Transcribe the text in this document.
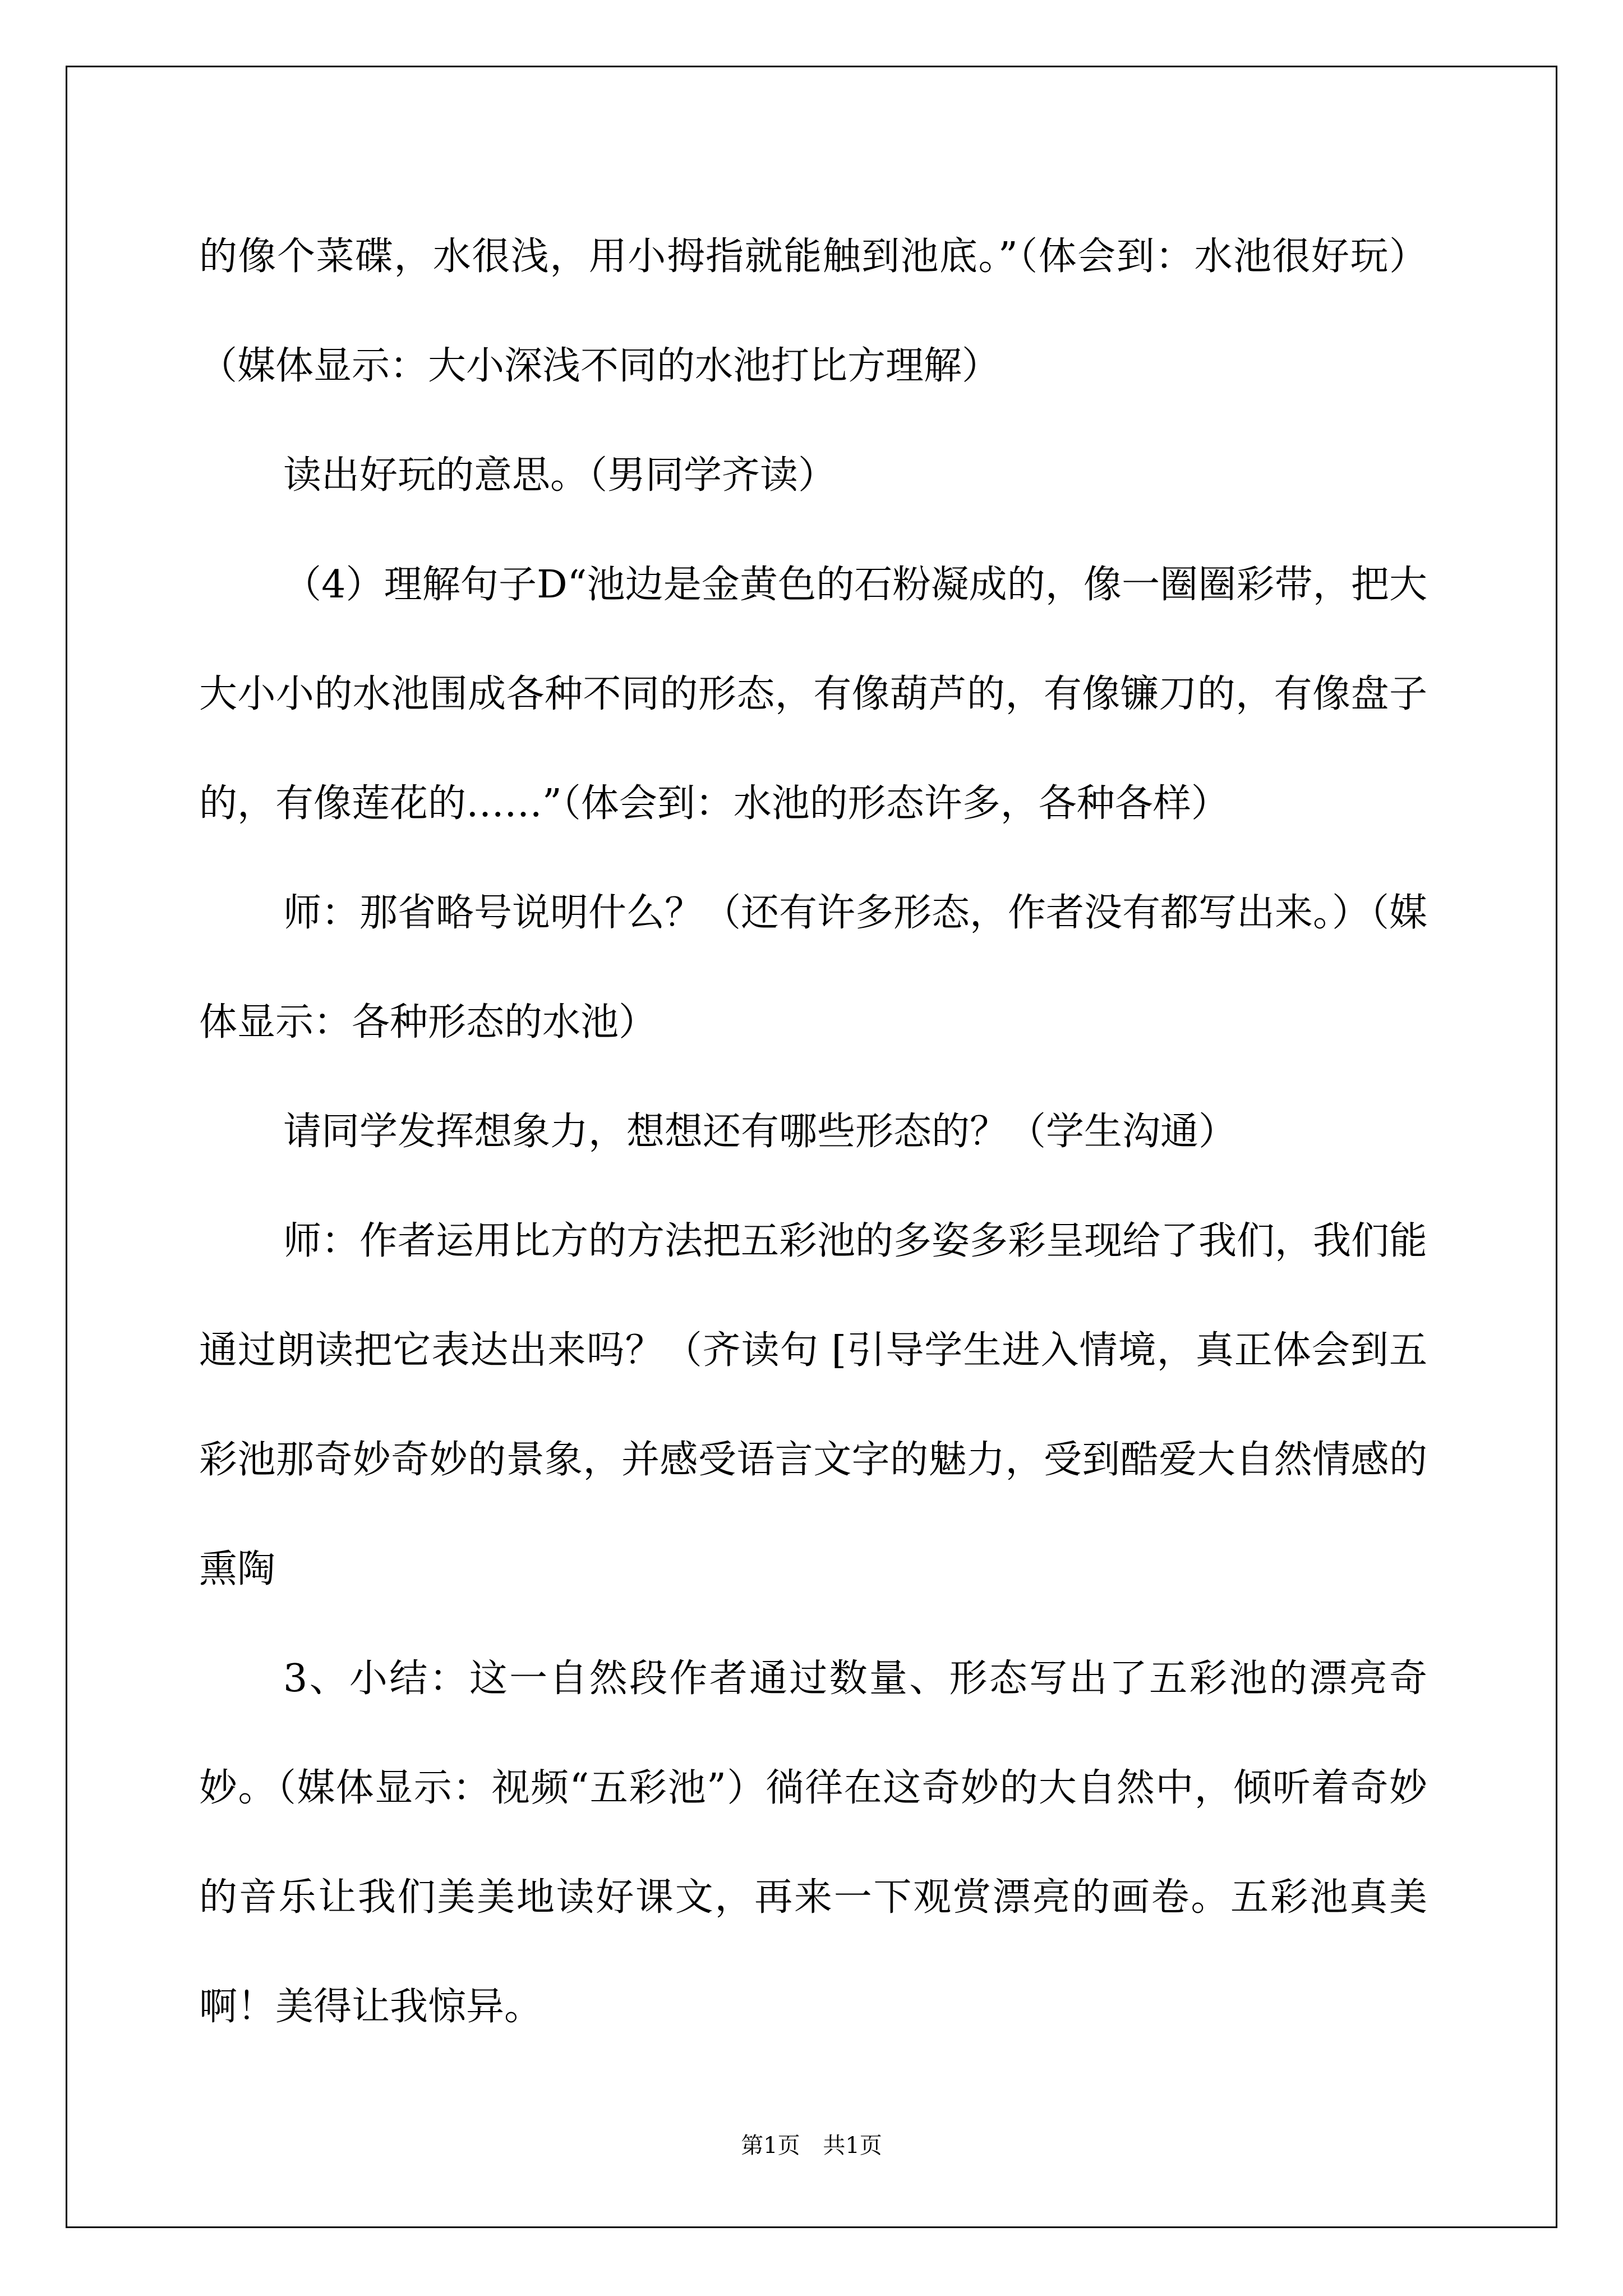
的像个菜碟，水很浅，用小拇指就能触到池底。”（体会到：水池很好玩）（媒体显示：大小深浅不同的水池打比方理解）

读出好玩的意思。（男同学齐读）

（4）理解句子D“池边是金黄色的石粉凝成的，像一圈圈彩带，把大大小小的水池围成各种不同的形态，有像葫芦的，有像镰刀的，有像盘子的，有像莲花的……”（体会到：水池的形态许多，各种各样）

师：那省略号说明什么？（还有许多形态，作者没有都写出来。）（媒体显示：各种形态的水池）

请同学发挥想象力，想想还有哪些形态的？（学生沟通）

师：作者运用比方的方法把五彩池的多姿多彩呈现给了我们，我们能通过朗读把它表达出来吗？（齐读句 [引导学生进入情境，真正体会到五彩池那奇妙奇妙的景象，并感受语言文字的魅力，受到酷爱大自然情感的熏陶

3、小结：这一自然段作者通过数量、形态写出了五彩池的漂亮奇妙。（媒体显示：视频“五彩池”）徜徉在这奇妙的大自然中，倾听着奇妙的音乐让我们美美地读好课文，再来一下观赏漂亮的画卷。五彩池真美啊！美得让我惊异。

第1页 共1页
